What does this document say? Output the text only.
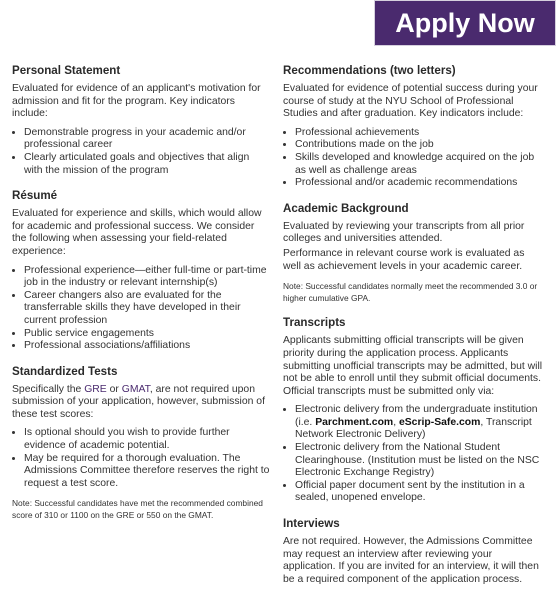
Apply Now
Personal Statement

Evaluated for evidence of an applicant's motivation for admission and fit for the program. Key indicators include:

• Demonstrable progress in your academic and/or professional career
• Clearly articulated goals and objectives that align with the mission of the program
Résumé

Evaluated for experience and skills, which would allow for academic and professional success. We consider the following when assessing your field-related experience:

• Professional experience—either full-time or part-time job in the industry or relevant internship(s)
• Career changers also are evaluated for the transferrable skills they have developed in their current profession
• Public service engagements
• Professional associations/affiliations
Standardized Tests

Specifically the GRE or GMAT, are not required upon submission of your application, however, submission of these test scores:

• Is optional should you wish to provide further evidence of academic potential.
• May be required for a thorough evaluation. The Admissions Committee therefore reserves the right to request a test score.

Note: Successful candidates have met the recommended combined score of 310 or 1100 on the GRE or 550 on the GMAT.

Recommendations (two letters)

Evaluated for evidence of potential success during your course of study at the NYU School of Professional Studies and after graduation. Key indicators include:

• Professional achievements
• Contributions made on the job
• Skills developed and knowledge acquired on the job as well as challenge areas
• Professional and/or academic recommendations
Academic Background

Evaluated by reviewing your transcripts from all prior colleges and universities attended.

Performance in relevant course work is evaluated as well as achievement levels in your academic career.

Note: Successful candidates normally meet the recommended 3.0 or higher cumulative GPA.

Transcripts

Applicants submitting official transcripts will be given priority during the application process. Applicants submitting unofficial transcripts may be admitted, but will not be able to enroll until they submit official documents. Official transcripts must be submitted only via:

• Electronic delivery from the undergraduate institution (i.e. Parchment.com, eScrip-Safe.com, Transcript Network Electronic Delivery)
• Electronic delivery from the National Student Clearinghouse. (Institution must be listed on the NSC Electronic Exchange Registry)
• Official paper document sent by the institution in a sealed, unopened envelope.
Interviews

Are not required. However, the Admissions Committee may request an interview after reviewing your application. If you are invited for an interview, it will then be a required component of the application process.
